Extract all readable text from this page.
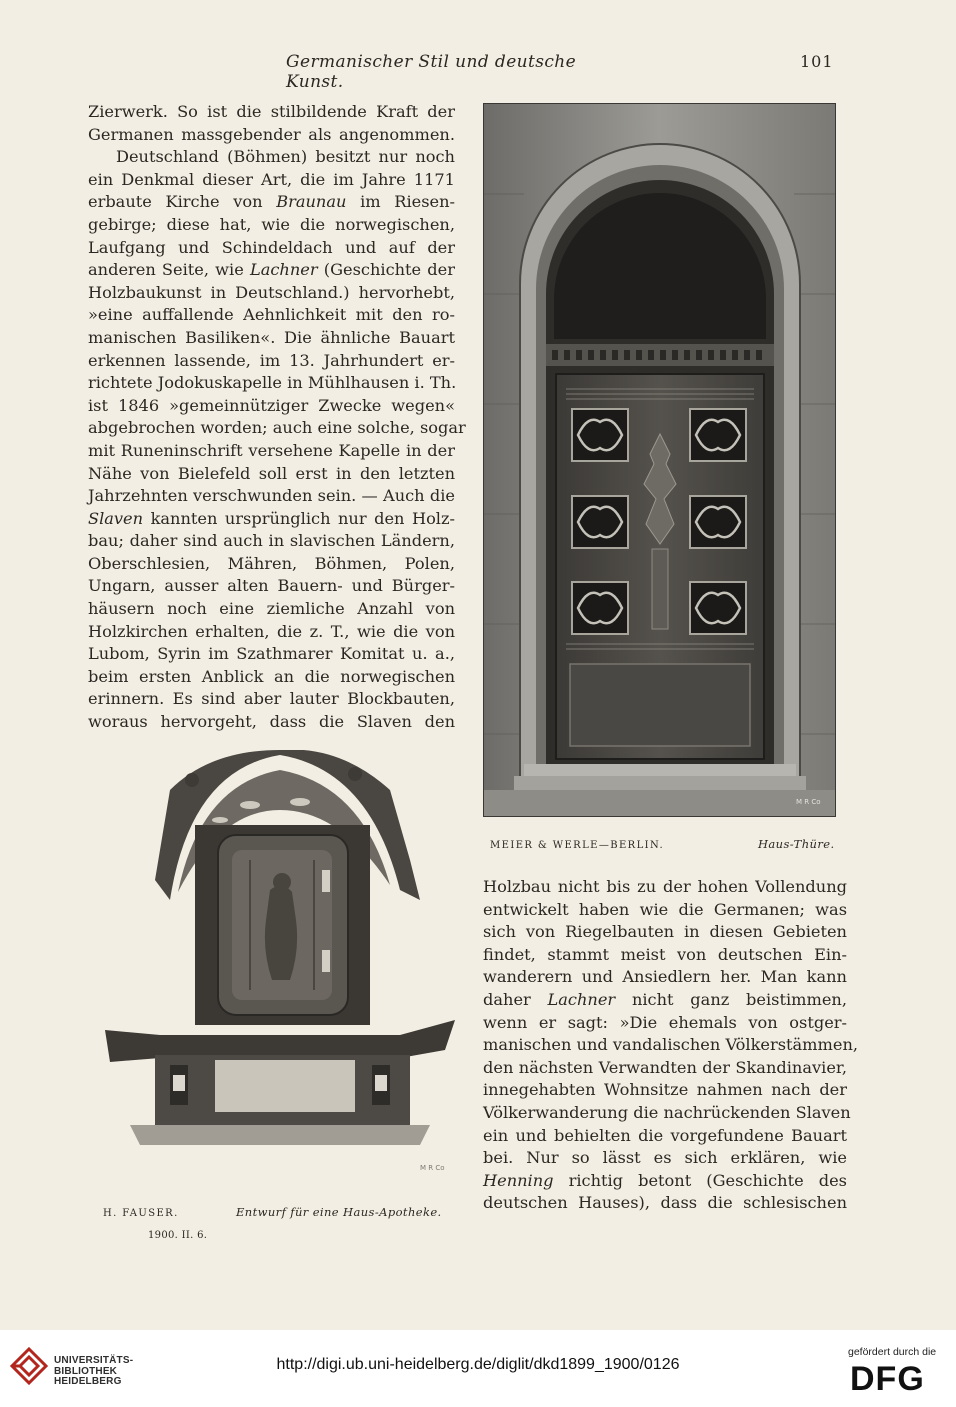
Germanischer Stil und deutsche Kunst.
101
Zierwerk. So ist die stilbildende Kraft der
Germanen massgebender als angenommen.
Deutschland (Böhmen) besitzt nur noch
ein Denkmal dieser Art, die im Jahre 1171
erbaute Kirche von Braunau im Riesen-
gebirge; diese hat, wie die norwegischen,
Laufgang und Schindeldach und auf der
anderen Seite, wie Lachner (Geschichte der
Holzbaukunst in Deutschland.) hervorhebt,
»eine auffallende Aehnlichkeit mit den ro-
manischen Basiliken«. Die ähnliche Bauart
erkennen lassende, im 13. Jahrhundert er-
richtete Jodokuskapelle in Mühlhausen i. Th.
ist 1846 »gemeinnütziger Zwecke wegen«
abgebrochen worden; auch eine solche, sogar
mit Runeninschrift versehene Kapelle in der
Nähe von Bielefeld soll erst in den letzten
Jahrzehnten verschwunden sein. — Auch die
Slaven kannten ursprünglich nur den Holz-
bau; daher sind auch in slavischen Ländern,
Oberschlesien, Mähren, Böhmen, Polen,
Ungarn, ausser alten Bauern- und Bürger-
häusern noch eine ziemliche Anzahl von
Holzkirchen erhalten, die z. T., wie die von
Lubom, Syrin im Szathmarer Komitat u. a.,
beim ersten Anblick an die norwegischen
erinnern. Es sind aber lauter Blockbauten,
woraus hervorgeht, dass die Slaven den
Holzbau nicht bis zu der hohen Vollendung
entwickelt haben wie die Germanen; was
sich von Riegelbauten in diesen Gebieten
findet, stammt meist von deutschen Ein-
wanderern und Ansiedlern her. Man kann
daher Lachner nicht ganz beistimmen,
wenn er sagt: »Die ehemals von ostger-
manischen und vandalischen Völkerstämmen,
den nächsten Verwandten der Skandinavier,
innegehabten Wohnsitze nahmen nach der
Völkerwanderung die nachrückenden Slaven
ein und behielten die vorgefundene Bauart
bei. Nur so lässt es sich erklären, wie
Henning richtig betont (Geschichte des
deutschen Hauses), dass die schlesischen
M R Co
MEIER & WERLE—BERLIN.	Haus-Thüre.
M R Co
H. FAUSER.	Entwurf für eine Haus-Apotheke.
1900. II. 6.
UNIVERSITÄTS-
BIBLIOTHEK
HEIDELBERG
http://digi.ub.uni-heidelberg.de/diglit/dkd1899_1900/0126
gefördert durch die
DFG
